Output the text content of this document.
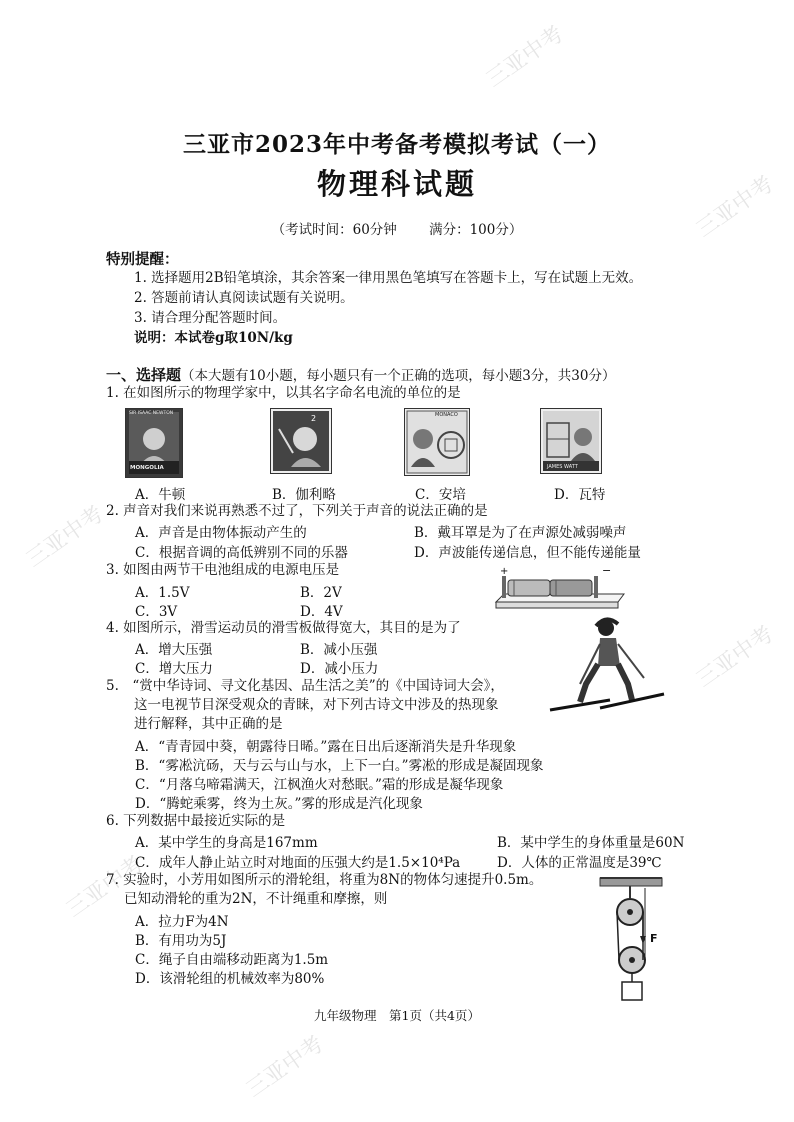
三亚中考
三亚中考
三亚中考
三亚中考
三亚中考
三亚中考
三亚市2023年中考备考模拟考试（一）
物理科试题
（考试时间：60分钟 满分：100分）
特别提醒：
1. 选择题用2B铅笔填涂，其余答案一律用黑色笔填写在答题卡上，写在试题上无效。
2. 答题前请认真阅读试题有关说明。
3. 请合理分配答题时间。
说明：本试卷g取10N/kg
一、选择题（本大题有10小题，每小题只有一个正确的选项，每小题3分，共30分）
1. 在如图所示的物理学家中，以其名字命名电流的单位的是
SIR ISAAC NEWTON
MONGOLIA
2	MONACO
JAMES WATT
A．牛顿	B．伽利略	C．安培	D．瓦特
2. 声音对我们来说再熟悉不过了，下列关于声音的说法正确的是
A．声音是由物体振动产生的	B．戴耳罩是为了在声源处减弱噪声
C．根据音调的高低辨别不同的乐器	D．声波能传递信息，但不能传递能量
3. 如图由两节干电池组成的电源电压是
A．1.5V	B．2V
C．3V	D．4V
+	−
4. 如图所示，滑雪运动员的滑雪板做得宽大，其目的是为了
A．增大压强	B．减小压强
C．增大压力	D．减小压力
5.　“赏中华诗词、寻文化基因、品生活之美”的《中国诗词大会》，
这一电视节目深受观众的青睐，对下列古诗文中涉及的热现象
进行解释，其中正确的是
A．“青青园中葵，朝露待日晞。”露在日出后逐渐消失是升华现象
B．“雾凇沆砀，天与云与山与水，上下一白。”雾凇的形成是凝固现象
C．“月落乌啼霜满天，江枫渔火对愁眠。”霜的形成是凝华现象
D．“腾蛇乘雾，终为土灰。”雾的形成是汽化现象
6. 下列数据中最接近实际的是
A．某中学生的身高是167mm	B．某中学生的身体重量是60N
C．成年人静止站立时对地面的压强大约是1.5×10⁴Pa	D．人体的正常温度是39℃
7. 实验时，小芳用如图所示的滑轮组，将重为8N的物体匀速提升0.5m。
已知动滑轮的重为2N，不计绳重和摩擦，则
A．拉力F为4N
B．有用功为5J
C．绳子自由端移动距离为1.5m
D．该滑轮组的机械效率为80%
F
九年级物理　第1页（共4页）
